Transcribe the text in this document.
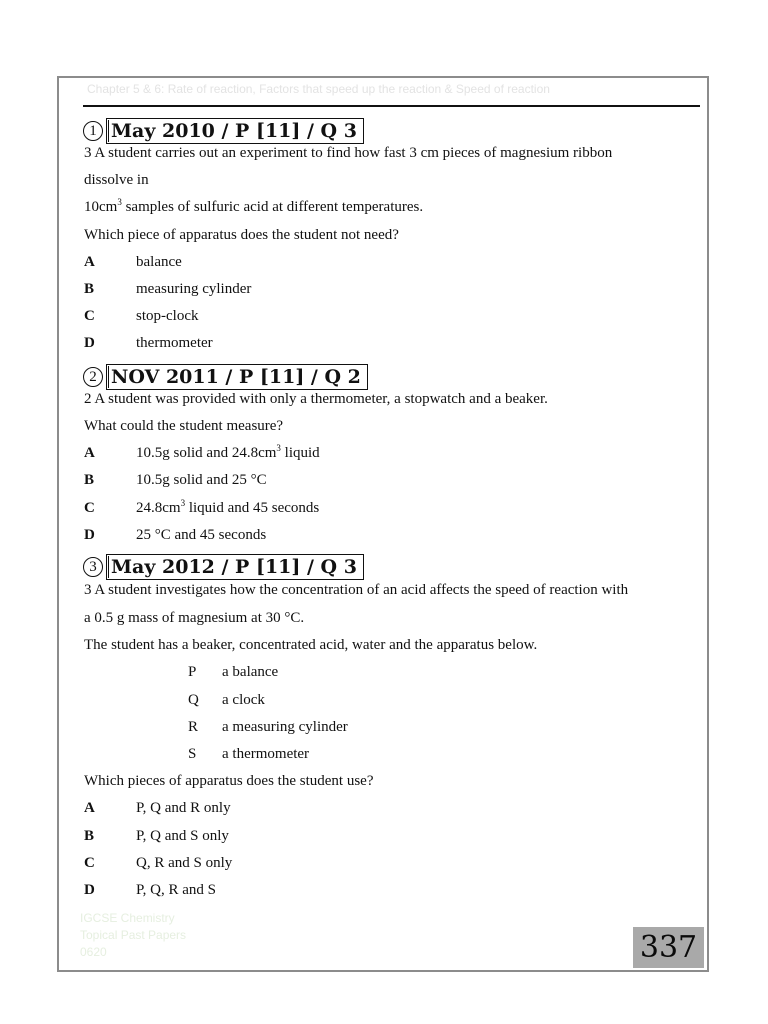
Chapter 5 & 6: Rate of reaction, Factors that speed up the reaction & Speed of reaction
1 May 2010 / P [11] / Q 3
3 A student carries out an experiment to find how fast 3 cm pieces of magnesium ribbon
dissolve in
$10cm^3$ samples of sulfuric acid at different temperatures.
Which piece of apparatus does the student not need?
A	balance
B	measuring cylinder
C	stop-clock
D	thermometer
2 NOV 2011 / P [11] / Q 2
2 A student was provided with only a thermometer, a stopwatch and a beaker.
What could the student measure?
A	10.5g solid and $24.8cm^3$ liquid
B	10.5g solid and 25 °C
C	$24.8cm^3$ liquid and 45 seconds
D	25 °C and 45 seconds
3 May 2012 / P [11] / Q 3
3 A student investigates how the concentration of an acid affects the speed of reaction with
a 0.5 g mass of magnesium at 30 °C.
The student has a beaker, concentrated acid, water and the apparatus below.
P a balance
Q a clock
R a measuring cylinder
S a thermometer
Which pieces of apparatus does the student use?
A	P, Q and R only
B	P, Q and S only
C	Q, R and S only
D	P, Q, R and S
IGCSE Chemistry
Topical Past Papers
0620	337
